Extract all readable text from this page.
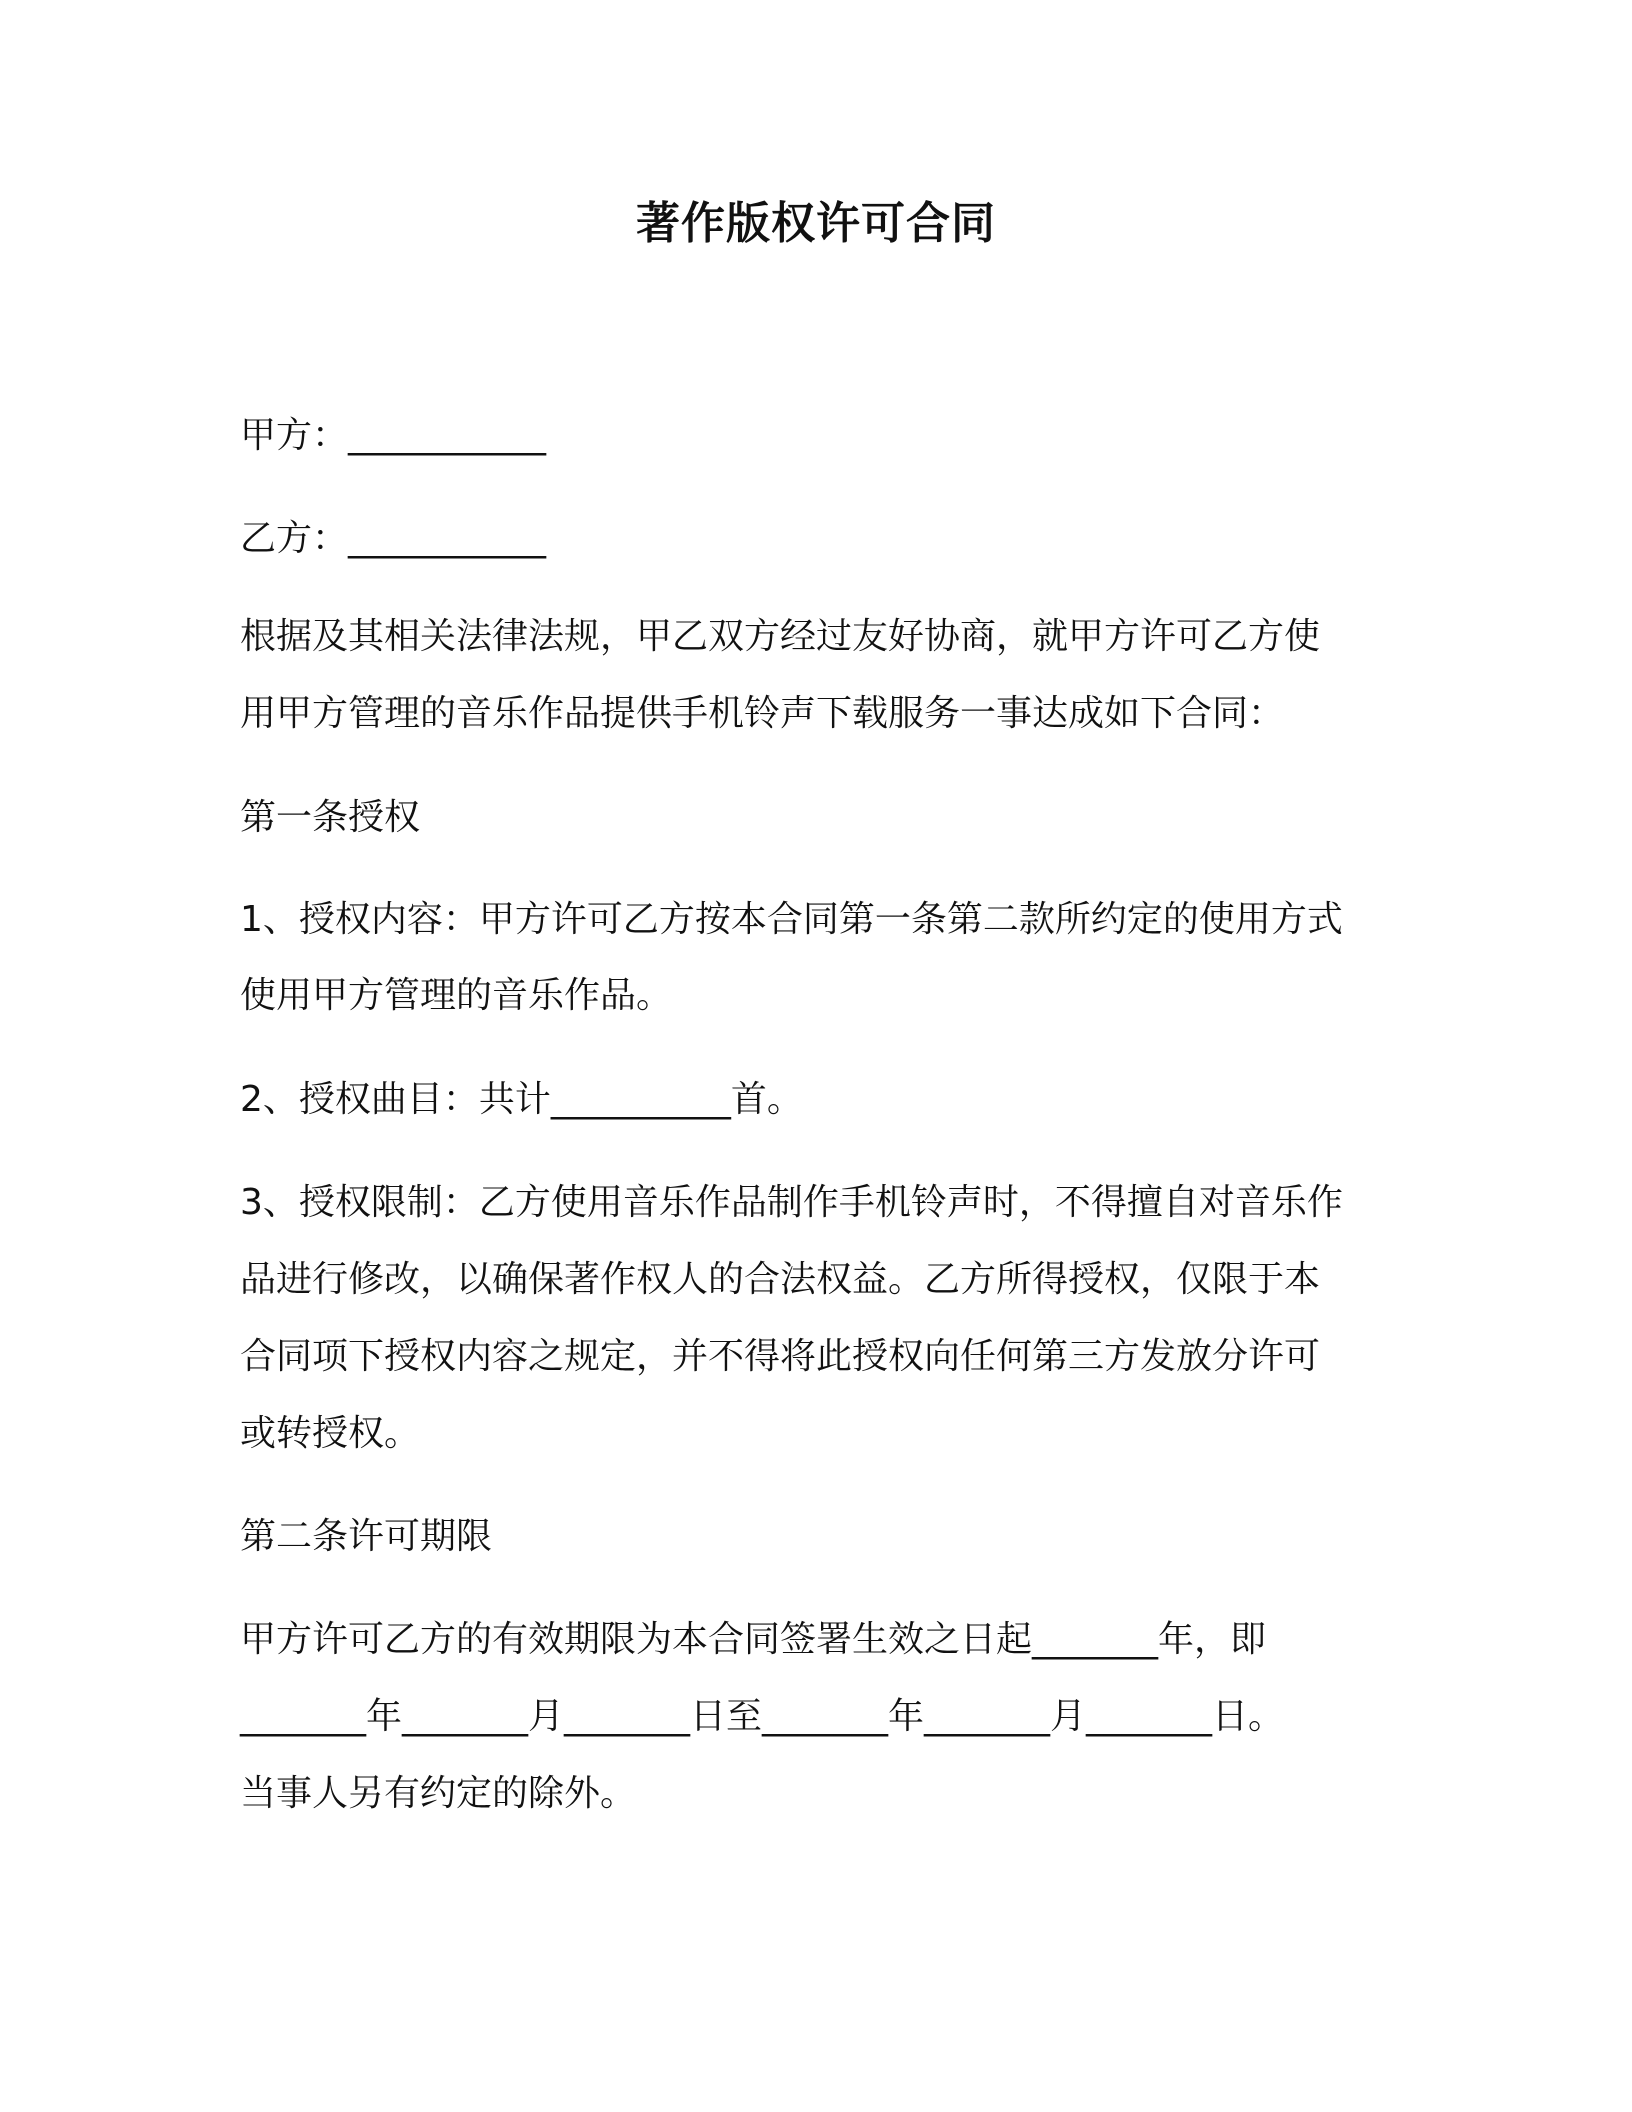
著作版权许可合同
甲方：___________
乙方：___________
根据及其相关法律法规，甲乙双方经过友好协商，就甲方许可乙方使
用甲方管理的音乐作品提供手机铃声下载服务一事达成如下合同：
第一条授权
1、授权内容：甲方许可乙方按本合同第一条第二款所约定的使用方式
使用甲方管理的音乐作品。
2、授权曲目：共计__________首。
3、授权限制：乙方使用音乐作品制作手机铃声时，不得擅自对音乐作
品进行修改，以确保著作权人的合法权益。乙方所得授权，仅限于本
合同项下授权内容之规定，并不得将此授权向任何第三方发放分许可
或转授权。
第二条许可期限
甲方许可乙方的有效期限为本合同签署生效之日起_______年，即
_______年_______月_______日至_______年_______月_______日。
当事人另有约定的除外。
